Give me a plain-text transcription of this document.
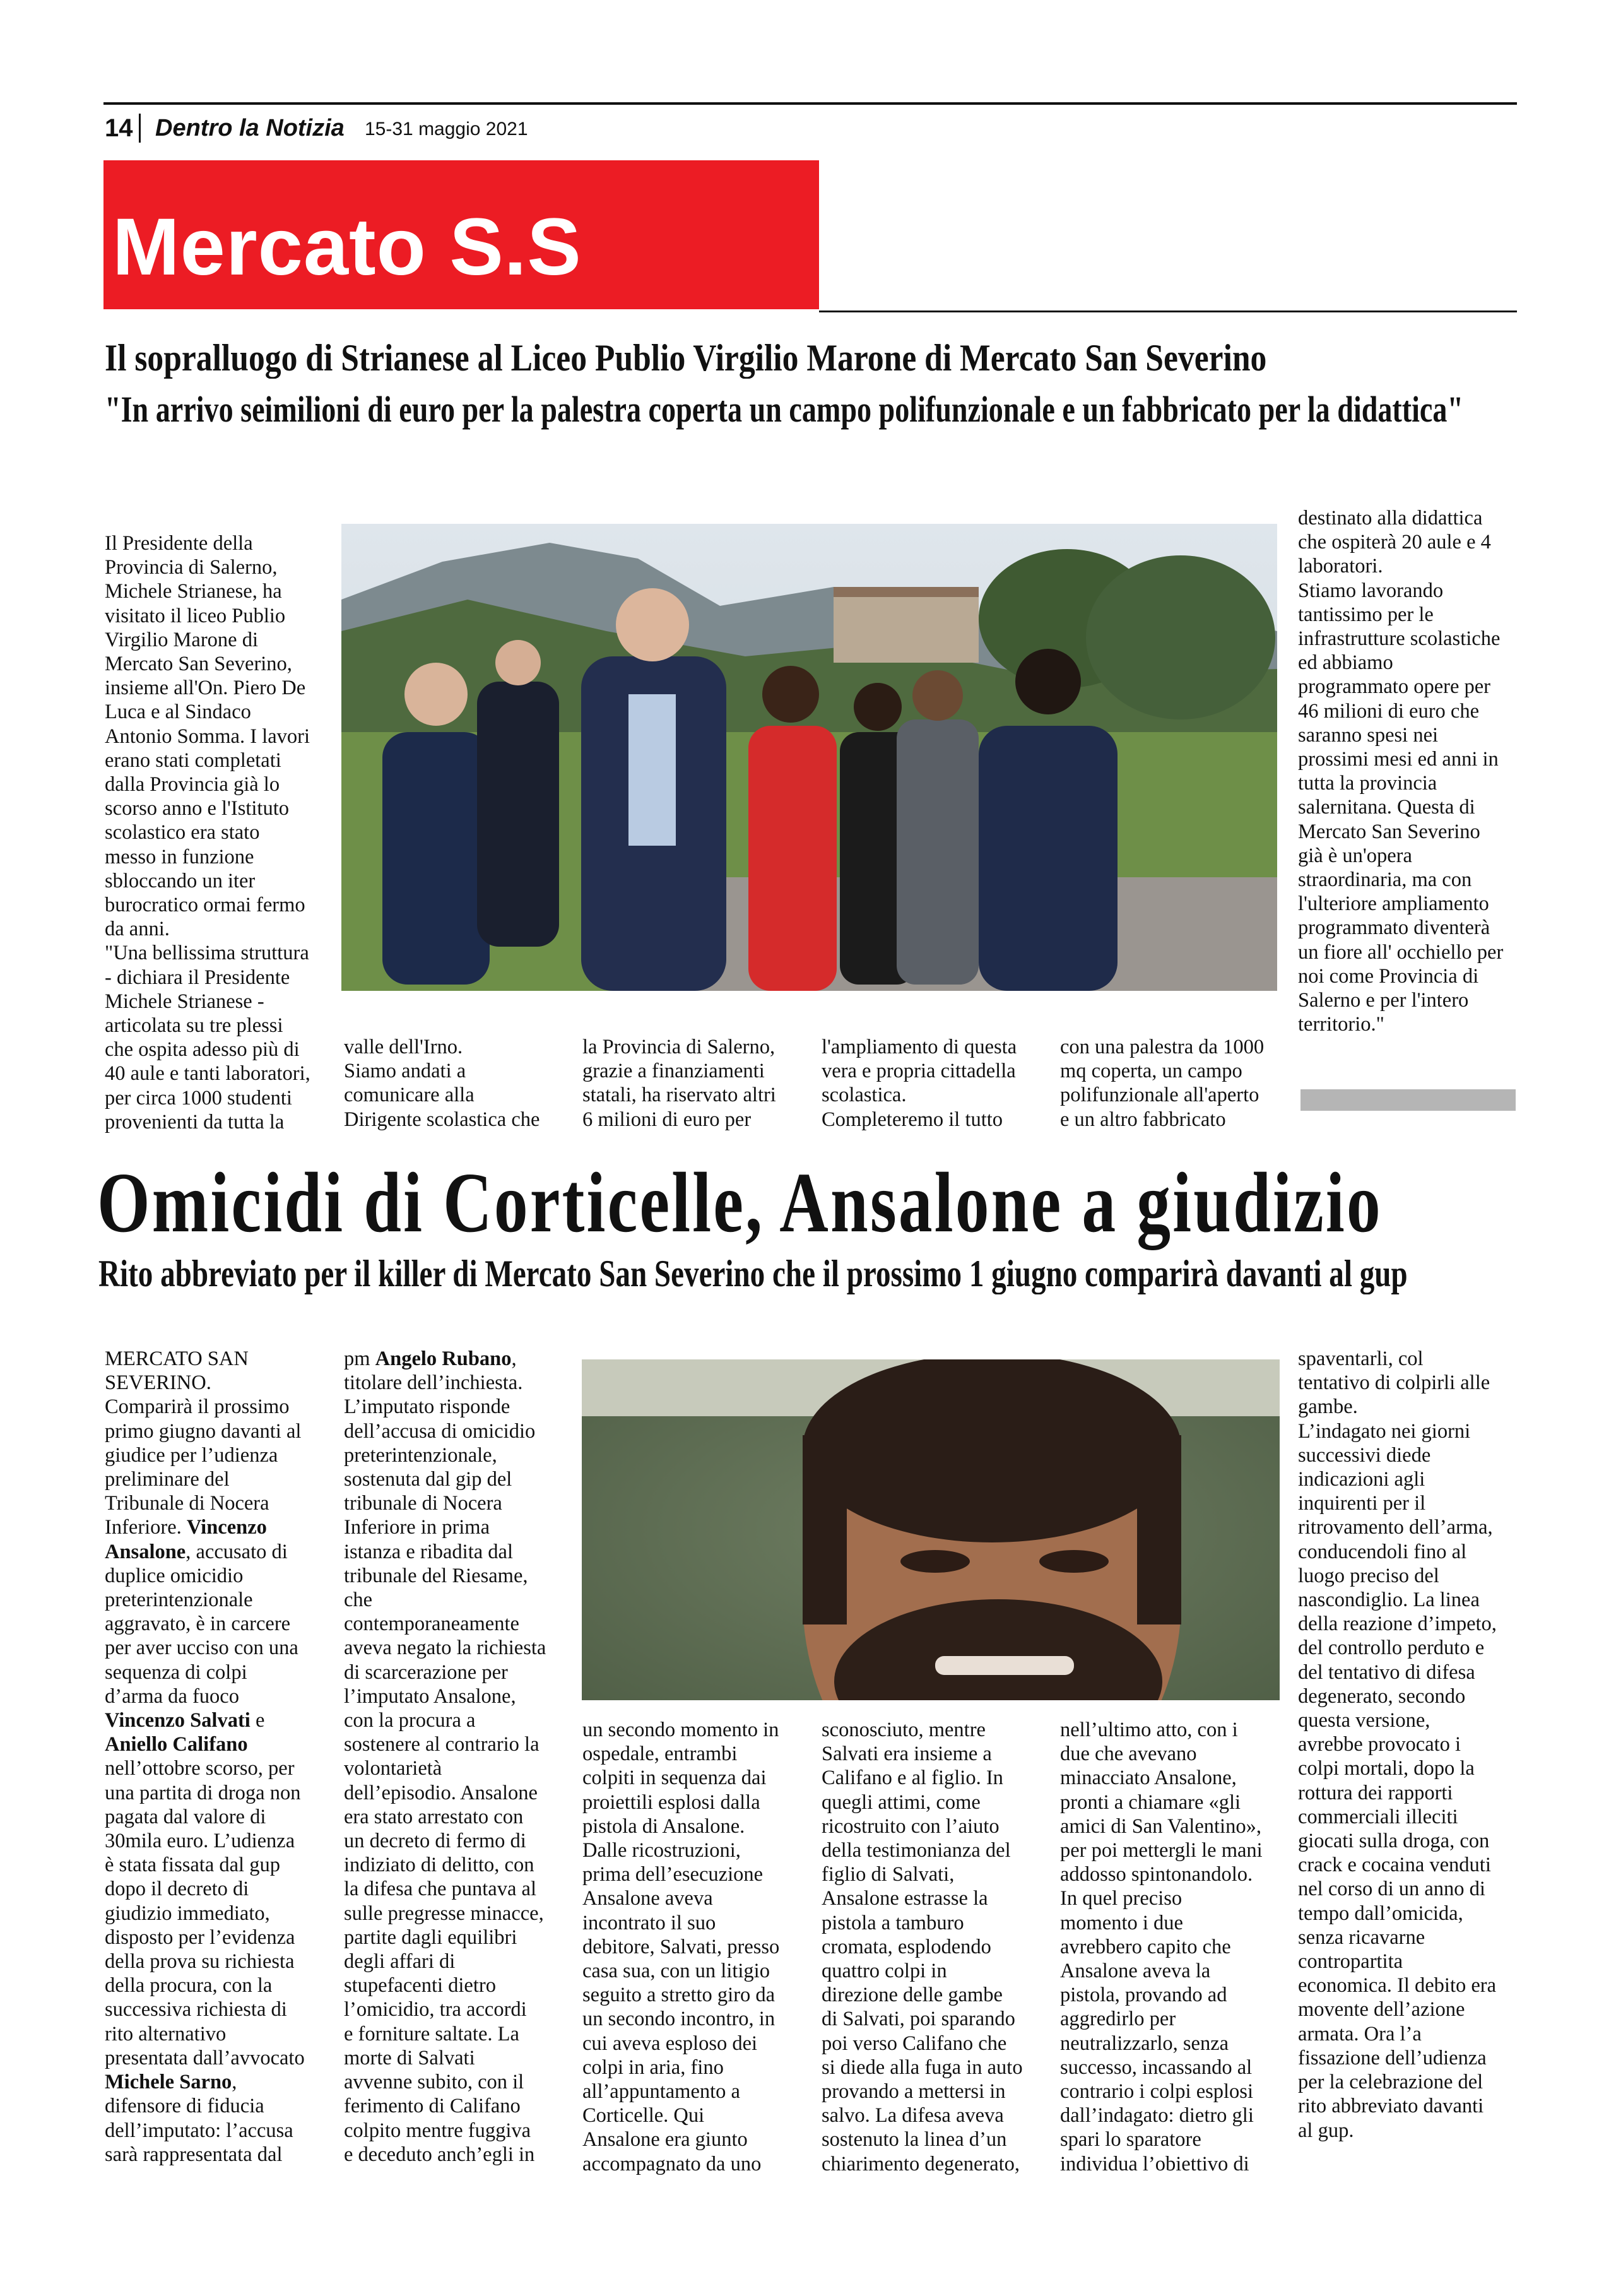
14 Dentro la Notizia 15-31 maggio 2021
Mercato S.S
Il sopralluogo di Strianese al Liceo Publio Virgilio Marone di Mercato San Severino
"In arrivo seimilioni di euro per la palestra coperta un campo polifunzionale e un fabbricato per la didattica"
Il Presidente della
Provincia di Salerno,
Michele Strianese, ha
visitato il liceo Publio
Virgilio Marone di
Mercato San Severino,
insieme all'On. Piero De
Luca e al Sindaco
Antonio Somma. I lavori
erano stati completati
dalla Provincia già lo
scorso anno e l'Istituto
scolastico era stato
messo in funzione
sbloccando un iter
burocratico ormai fermo
da anni.
"Una bellissima struttura
- dichiara il Presidente
Michele Strianese -
articolata su tre plessi
che ospita adesso più di
40 aule e tanti laboratori,
per circa 1000 studenti
provenienti da tutta la
valle dell'Irno.
Siamo andati a
comunicare alla
Dirigente scolastica che
la Provincia di Salerno,
grazie a finanziamenti
statali, ha riservato altri
6 milioni di euro per
l'ampliamento di questa
vera e propria cittadella
scolastica.
Completeremo il tutto
con una palestra da 1000
mq coperta, un campo
polifunzionale all'aperto
e un altro fabbricato
destinato alla didattica
che ospiterà 20 aule e 4
laboratori.
Stiamo lavorando
tantissimo per le
infrastrutture scolastiche
ed abbiamo
programmato opere per
46 milioni di euro che
saranno spesi nei
prossimi mesi ed anni in
tutta la provincia
salernitana. Questa di
Mercato San Severino
già è un'opera
straordinaria, ma con
l'ulteriore ampliamento
programmato diventerà
un fiore all' occhiello per
noi come Provincia di
Salerno e per l'intero
territorio."
Omicidi di Corticelle, Ansalone a giudizio
Rito abbreviato per il killer di Mercato San Severino che il prossimo 1 giugno comparirà davanti al gup
MERCATO SAN
SEVERINO.
Comparirà il prossimo
primo giugno davanti al
giudice per l’udienza
preliminare del
Tribunale di Nocera
Inferiore. Vincenzo
Ansalone, accusato di
duplice omicidio
preterintenzionale
aggravato, è in carcere
per aver ucciso con una
sequenza di colpi
d’arma da fuoco
Vincenzo Salvati e
Aniello Califano
nell’ottobre scorso, per
una partita di droga non
pagata dal valore di
30mila euro. L’udienza
è stata fissata dal gup
dopo il decreto di
giudizio immediato,
disposto per l’evidenza
della prova su richiesta
della procura, con la
successiva richiesta di
rito alternativo
presentata dall’avvocato
Michele Sarno,
difensore di fiducia
dell’imputato: l’accusa
sarà rappresentata dal
pm Angelo Rubano,
titolare dell’inchiesta.
L’imputato risponde
dell’accusa di omicidio
preterintenzionale,
sostenuta dal gip del
tribunale di Nocera
Inferiore in prima
istanza e ribadita dal
tribunale del Riesame,
che
contemporaneamente
aveva negato la richiesta
di scarcerazione per
l’imputato Ansalone,
con la procura a
sostenere al contrario la
volontarietà
dell’episodio. Ansalone
era stato arrestato con
un decreto di fermo di
indiziato di delitto, con
la difesa che puntava al
sulle pregresse minacce,
partite dagli equilibri
degli affari di
stupefacenti dietro
l’omicidio, tra accordi
e forniture saltate. La
morte di Salvati
avvenne subito, con il
ferimento di Califano
colpito mentre fuggiva
e deceduto anch’egli in
un secondo momento in
ospedale, entrambi
colpiti in sequenza dai
proiettili esplosi dalla
pistola di Ansalone.
Dalle ricostruzioni,
prima dell’esecuzione
Ansalone aveva
incontrato il suo
debitore, Salvati, presso
casa sua, con un litigio
seguito a stretto giro da
un secondo incontro, in
cui aveva esploso dei
colpi in aria, fino
all’appuntamento a
Corticelle. Qui
Ansalone era giunto
accompagnato da uno
sconosciuto, mentre
Salvati era insieme a
Califano e al figlio. In
quegli attimi, come
ricostruito con l’aiuto
della testimonianza del
figlio di Salvati,
Ansalone estrasse la
pistola a tamburo
cromata, esplodendo
quattro colpi in
direzione delle gambe
di Salvati, poi sparando
poi verso Califano che
si diede alla fuga in auto
provando a mettersi in
salvo. La difesa aveva
sostenuto la linea d’un
chiarimento degenerato,
nell’ultimo atto, con i
due che avevano
minacciato Ansalone,
pronti a chiamare «gli
amici di San Valentino»,
per poi mettergli le mani
addosso spintonandolo.
In quel preciso
momento i due
avrebbero capito che
Ansalone aveva la
pistola, provando ad
aggredirlo per
neutralizzarlo, senza
successo, incassando al
contrario i colpi esplosi
dall’indagato: dietro gli
spari lo sparatore
individua l’obiettivo di
spaventarli, col
tentativo di colpirli alle
gambe.
L’indagato nei giorni
successivi diede
indicazioni agli
inquirenti per il
ritrovamento dell’arma,
conducendoli fino al
luogo preciso del
nascondiglio. La linea
della reazione d’impeto,
del controllo perduto e
del tentativo di difesa
degenerato, secondo
questa versione,
avrebbe provocato i
colpi mortali, dopo la
rottura dei rapporti
commerciali illeciti
giocati sulla droga, con
crack e cocaina venduti
nel corso di un anno di
tempo dall’omicida,
senza ricavarne
contropartita
economica. Il debito era
movente dell’azione
armata. Ora l’a
fissazione dell’udienza
per la celebrazione del
rito abbreviato davanti
al gup.
